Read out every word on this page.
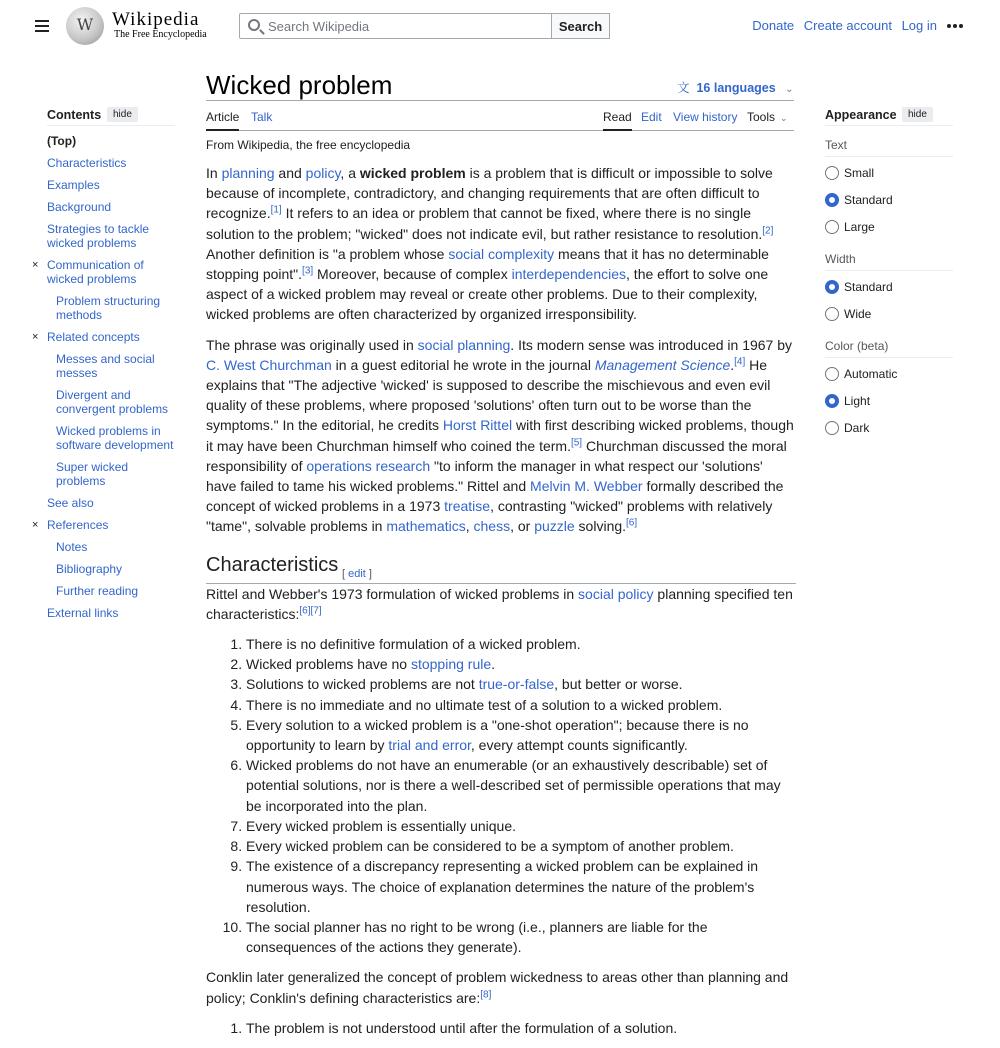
W Wikipedia
The Free Encyclopedia
Search Wikipedia
Search	Donate Create account Log in
Contents	hide
(Top)
Characteristics
Examples
Background
Strategies to tackle wicked problems
× Communication of wicked problems
Problem structuring methods
× Related concepts
Messes and social messes
Divergent and convergent problems
Wicked problems in software development
Super wicked problems
See also
× References
Notes
Bibliography
Further reading
External links
Appearance	hide
Text
Small
Standard
Large
Width
Standard
Wide
Color (beta)
Automatic
Light
Dark
Wicked problem	文 16 languages ⌄
Article Talk	Read Edit View history Tools ⌄
From Wikipedia, the free encyclopedia

In planning and policy, a wicked problem is a problem that is difficult or impossible to solve because of incomplete, contradictory, and changing requirements that are often difficult to recognize.[1] It refers to an idea or problem that cannot be fixed, where there is no single solution to the problem; "wicked" does not indicate evil, but rather resistance to resolution.[2] Another definition is "a problem whose social complexity means that it has no determinable stopping point".[3] Moreover, because of complex interdependencies, the effort to solve one aspect of a wicked problem may reveal or create other problems. Due to their complexity, wicked problems are often characterized by organized irresponsibility.

The phrase was originally used in social planning. Its modern sense was introduced in 1967 by C. West Churchman in a guest editorial he wrote in the journal Management Science.[4] He explains that "The adjective 'wicked' is supposed to describe the mischievous and even evil quality of these problems, where proposed 'solutions' often turn out to be worse than the symptoms." In the editorial, he credits Horst Rittel with first describing wicked problems, though it may have been Churchman himself who coined the term.[5] Churchman discussed the moral responsibility of operations research "to inform the manager in what respect our 'solutions' have failed to tame his wicked problems." Rittel and Melvin M. Webber formally described the concept of wicked problems in a 1973 treatise, contrasting "wicked" problems with relatively "tame", solvable problems in mathematics, chess, or puzzle solving.[6]

Characteristics [ edit ]

Rittel and Webber's 1973 formulation of wicked problems in social policy planning specified ten characteristics:[6][7]

1. There is no definitive formulation of a wicked problem.
2. Wicked problems have no stopping rule.
3. Solutions to wicked problems are not true-or-false, but better or worse.
4. There is no immediate and no ultimate test of a solution to a wicked problem.
5. Every solution to a wicked problem is a "one-shot operation"; because there is no opportunity to learn by trial and error, every attempt counts significantly.
6. Wicked problems do not have an enumerable (or an exhaustively describable) set of potential solutions, nor is there a well-described set of permissible operations that may be incorporated into the plan.
7. Every wicked problem is essentially unique.
8. Every wicked problem can be considered to be a symptom of another problem.
9. The existence of a discrepancy representing a wicked problem can be explained in numerous ways. The choice of explanation determines the nature of the problem's resolution.
10. The social planner has no right to be wrong (i.e., planners are liable for the consequences of the actions they generate).

Conklin later generalized the concept of problem wickedness to areas other than planning and policy; Conklin's defining characteristics are:[8]

1. The problem is not understood until after the formulation of a solution.
